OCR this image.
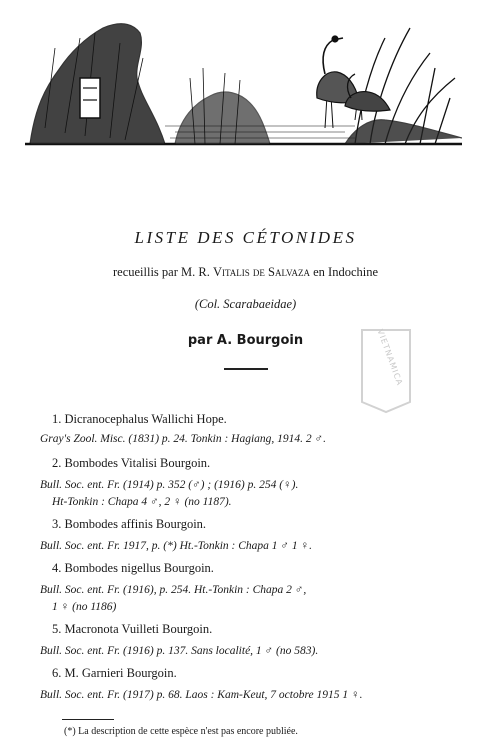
LISTE DES CÉTONIDES
recueillis par M. R. Vitalis de Salvaza en Indochine
(Col. Scarabaeidae)
par A. Bourgoin	VIETNAMICA
1. Dicranocephalus Wallichi Hope.
Gray's Zool. Misc. (1831) p. 24. Tonkin : Hagiang, 1914. 2 ♂.
2. Bombodes Vitalisi Bourgoin.
Bull. Soc. ent. Fr. (1914) p. 352 (♂) ; (1916) p. 254 (♀).
Ht-Tonkin : Chapa 4 ♂, 2 ♀ (no 1187).
3. Bombodes affinis Bourgoin.
Bull. Soc. ent. Fr. 1917, p. (*) Ht.-Tonkin : Chapa 1 ♂ 1 ♀.
4. Bombodes nigellus Bourgoin.
Bull. Soc. ent. Fr. (1916), p. 254. Ht.-Tonkin : Chapa 2 ♂,
1 ♀ (no 1186)
5. Macronota Vuilleti Bourgoin.
Bull. Soc. ent. Fr. (1916) p. 137. Sans localité, 1 ♂ (no 583).
6. M. Garnieri Bourgoin.
Bull. Soc. ent. Fr. (1917) p. 68. Laos : Kam-Keut, 7 octobre 1915 1 ♀.
(*) La description de cette espèce n'est pas encore publiée.
